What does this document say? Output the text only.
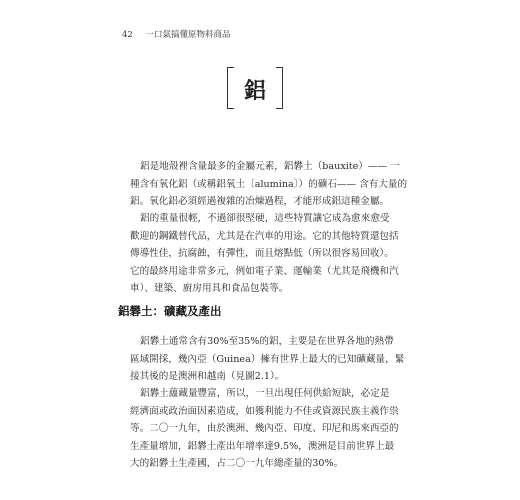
42 一口氣搞懂原物料商品
鋁

鋁是地殼裡含量最多的金屬元素，鋁礬土（bauxite）—— 一

種含有氧化鋁（或稱鋁氧土〔alumina〕）的礦石—— 含有大量的

鋁。氧化鋁必須經過複雜的冶煉過程，才能形成鋁這種金屬。

鋁的重量很輕，不過卻很堅硬，這些特質讓它成為愈來愈受

歡迎的鋼鐵替代品，尤其是在汽車的用途。它的其他特質還包括

傳導性佳，抗腐蝕，有彈性，而且熔點低（所以很容易回收）。

它的最終用途非常多元，例如電子業、運輸業（尤其是飛機和汽

車）、建築、廚房用具和食品包裝等。

鋁礬土：礦藏及產出

鋁礬土通常含有30%至35%的鋁，主要是在世界各地的熱帶

區域開採，幾內亞（Guinea）擁有世界上最大的已知礦藏量，緊

接其後的是澳洲和越南（見圖2.1）。

鋁礬土蘊藏量豐富，所以，一旦出現任何供給短缺，必定是

經濟面或政治面因素造成，如獲利能力不佳或資源民族主義作祟

等。二〇一九年，由於澳洲、幾內亞、印度、印尼和馬來西亞的

生產量增加，鋁礬土產出年增率達9.5%，澳洲是目前世界上最

大的鋁礬土生產國，占二〇一九年總產量的30%。
